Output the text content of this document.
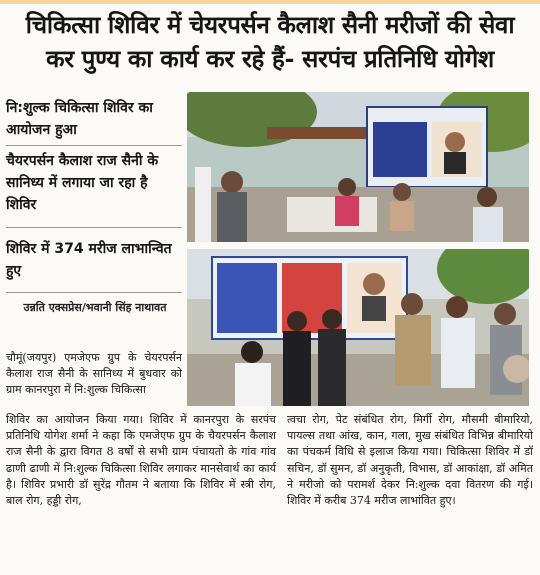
चिकित्सा शिविर में चेयरपर्सन कैलाश सैनी मरीजों की सेवा
कर पुण्य का कार्य कर रहे हैं- सरपंच प्रतिनिधि योगेश
नि:शुल्क चिकित्सा शिविर का आयोजन हुआ
चैयरपर्सन कैलाश राज सैनी के सानिध्य में लगाया जा रहा है शिविर
शिविर में 374 मरीज लाभान्वित हुए
उन्नति एक्सप्रेस/भवानी सिंह नाथावत
चौमूं(जयपुर) एमजेएफ ग्रुप के चेयरपर्सन कैलाश राज सैनी के सानिध्य में बुधवार को ग्राम कानरपुरा में नि:शुल्क चिकित्सा
शिविर का आयोजन किया गया। शिविर में कानरपुरा के सरपंच प्रतिनिधि योगेश शर्मा ने कहा कि एमजेएफ ग्रुप के चैयरपर्सन कैलाश राज सैनी के द्वारा विगत 8 वर्षों से सभी ग्राम पंचायतो के गांव गांव ढाणी ढाणी में नि:शुल्क चिकित्सा शिविर लगाकर मानसेवार्थ का कार्य है। शिविर प्रभारी डॉ सुरेंद्र गौतम ने बताया कि शिविर में स्त्री रोग, बाल रोग, हड्डी रोग,
त्वचा रोग, पेट संबंधित रोग, मिर्गी रोग, मौसमी बीमारियो, पायल्स तथा आंख, कान, गला, मुख संबंधित विभिन्न बीमारियो का पंचकर्म विधि से इलाज किया गया। चिकित्सा शिविर में डॉ सचिन, डॉ सुमन, डॉ अनुकृती, विभास, डॉ आकांक्षा, डॉ अमित ने मरीजो को परामर्श देकर नि:शुल्क दवा वितरण की गई। शिविर में करीब 374 मरीज लाभांवित हुए।
